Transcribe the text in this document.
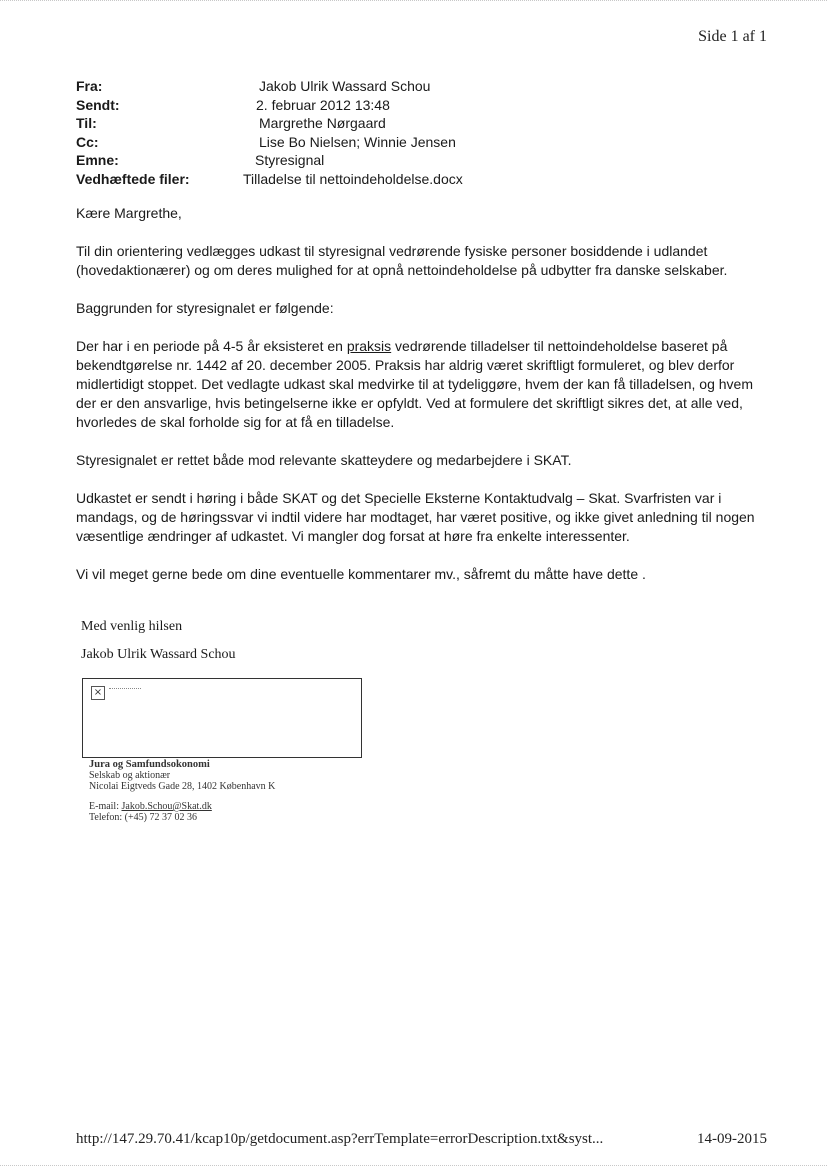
Side 1 af 1
Fra:	Jakob Ulrik Wassard Schou
Sendt:	2. februar 2012 13:48
Til:	Margrethe Nørgaard
Cc:	Lise Bo Nielsen; Winnie Jensen
Emne:	Styresignal
Vedhæftede filer:	Tilladelse til nettoindeholdelse.docx

Kære Margrethe,

Til din orientering vedlægges udkast til styresignal vedrørende fysiske personer bosiddende i udlandet (hovedaktionærer) og om deres mulighed for at opnå nettoindeholdelse på udbytter fra danske selskaber.

Baggrunden for styresignalet er følgende:

Der har i en periode på 4-5 år eksisteret en praksis vedrørende tilladelser til nettoindeholdelse baseret på bekendtgørelse nr. 1442 af 20. december 2005. Praksis har aldrig været skriftligt formuleret, og blev derfor midlertidigt stoppet. Det vedlagte udkast skal medvirke til at tydeliggøre, hvem der kan få tilladelsen, og hvem der er den ansvarlige, hvis betingelserne ikke er opfyldt. Ved at formulere det skriftligt sikres det, at alle ved, hvorledes de skal forholde sig for at få en tilladelse.

Styresignalet er rettet både mod relevante skatteydere og medarbejdere i SKAT.

Udkastet er sendt i høring i både SKAT og det Specielle Eksterne Kontaktudvalg – Skat. Svarfristen var i mandags, og de høringssvar vi indtil videre har modtaget, har været positive, og ikke givet anledning til nogen væsentlige ændringer af udkastet. Vi mangler dog forsat at høre fra enkelte interessenter.

Vi vil meget gerne bede om dine eventuelle kommentarer mv., såfremt du måtte have dette .

Med venlig hilsen

Jakob Ulrik Wassard Schou

×
Jura og Samfundsokonomi
Selskab og aktionær
Nicolai Eigtveds Gade 28, 1402 København K
E-mail: Jakob.Schou@Skat.dk
Telefon: (+45) 72 37 02 36
http://147.29.70.41/kcap10p/getdocument.asp?errTemplate=errorDescription.txt&syst...	14-09-2015
